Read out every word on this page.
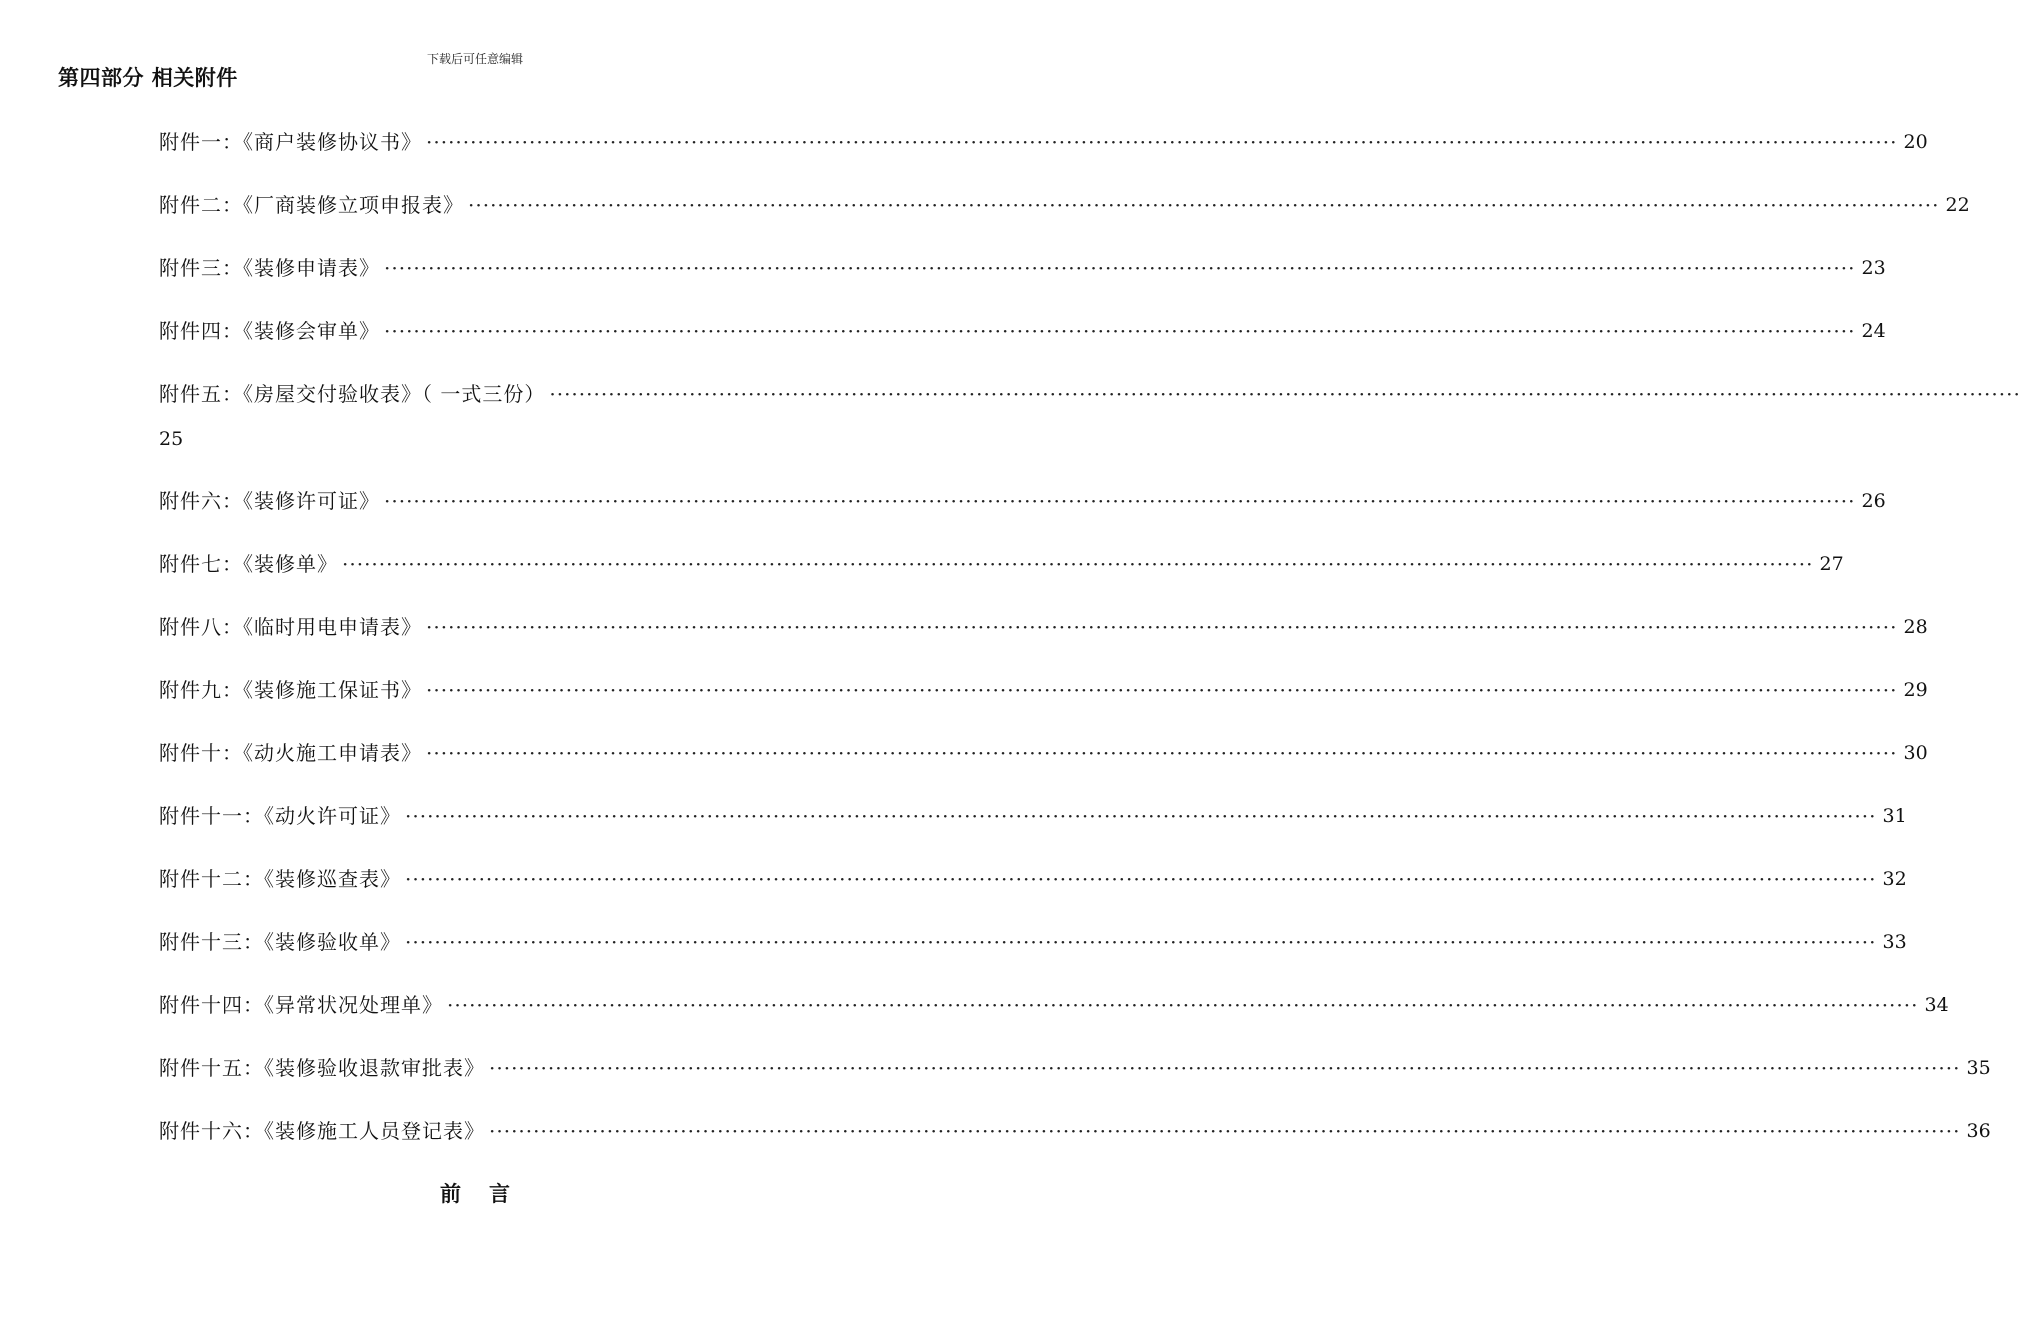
下载后可任意编辑
第四部分 相关附件
附件一：《商户装修协议书》 ········································································································································································································ 20
附件二：《厂商装修立项申报表》 ········································································································································································································ 22
附件三：《装修申请表》 ········································································································································································································ 23
附件四：《装修会审单》 ········································································································································································································ 24
附件五：《房屋交付验收表》（ 一式三份） ········································································································································································································
25
附件六：《装修许可证》 ········································································································································································································ 26
附件七：《装修单》 ········································································································································································································ 27
附件八：《临时用电申请表》 ········································································································································································································ 28
附件九：《装修施工保证书》 ········································································································································································································ 29
附件十：《动火施工申请表》 ········································································································································································································ 30
附件十一：《动火许可证》 ········································································································································································································ 31
附件十二：《装修巡查表》 ········································································································································································································ 32
附件十三：《装修验收单》 ········································································································································································································ 33
附件十四：《异常状况处理单》 ········································································································································································································ 34
附件十五：《装修验收退款审批表》 ········································································································································································································ 35
附件十六：《装修施工人员登记表》 ········································································································································································································ 36
前言
